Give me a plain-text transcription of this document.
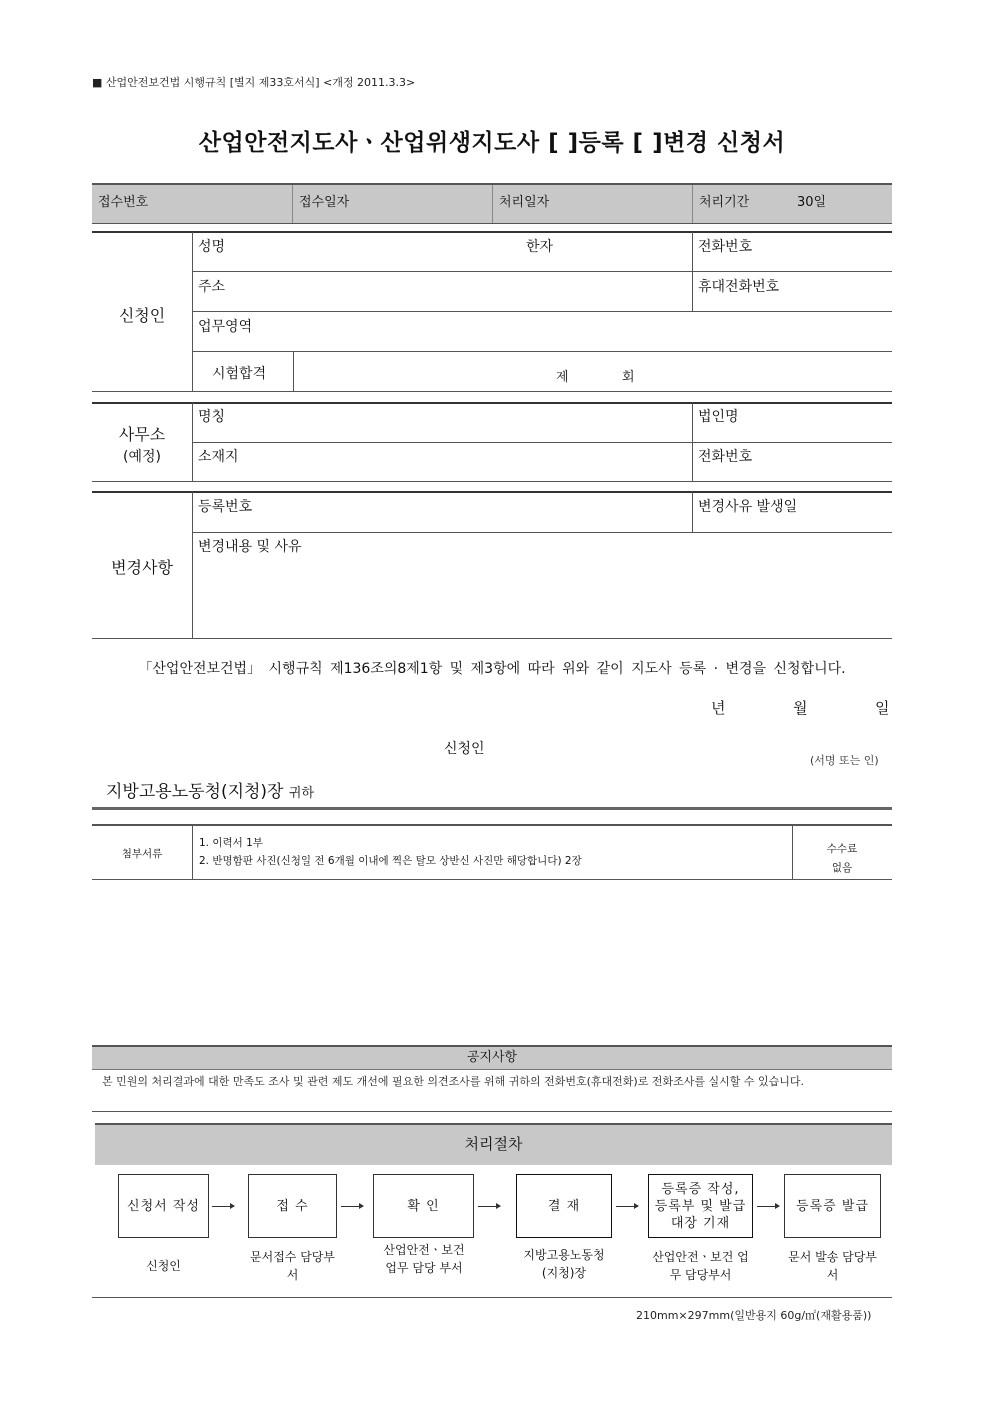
■ 산업안전보건법 시행규칙 [별지 제33호서식] <개정 2011.3.3>
산업안전지도사ㆍ산업위생지도사 [ ]등록 [ ]변경 신청서
접수번호	접수일자	처리일자	처리기간	30일
신청인
성명	한자	전화번호
주소	휴대전화번호
업무영역
시험합격	제	회
사무소
(예정)
명칭	법인명
소재지	전화번호
변경사항
등록번호	변경사유 발생일
변경내용 및 사유
「산업안전보건법」 시행규칙 제136조의8제1항 및 제3항에 따라 위와 같이 지도사 등록 · 변경을 신청합니다.
년	월	일
신청인
(서명 또는 인)
지방고용노동청(지청)장 귀하
첨부서류
1. 이력서 1부
2. 반명함판 사진(신청일 전 6개월 이내에 찍은 탈모 상반신 사진만 해당합니다) 2장
수수료
없음
공지사항
본 민원의 처리결과에 대한 만족도 조사 및 관련 제도 개선에 필요한 의견조사를 위해 귀하의 전화번호(휴대전화)로 전화조사를 실시할 수 있습니다.
처리절차
신청서 작성	접 수	확 인	결 재
등록증 작성, 등록부 및 발급대장 기재
등록증 발급
신청인
문서접수 담당부서
산업안전ㆍ보건 업무 담당 부서
지방고용노동청 (지청)장
산업안전ㆍ보건 업무 담당부서
문서 발송 담당부서
210mm×297mm(일반용지 60g/㎡(재활용품))
